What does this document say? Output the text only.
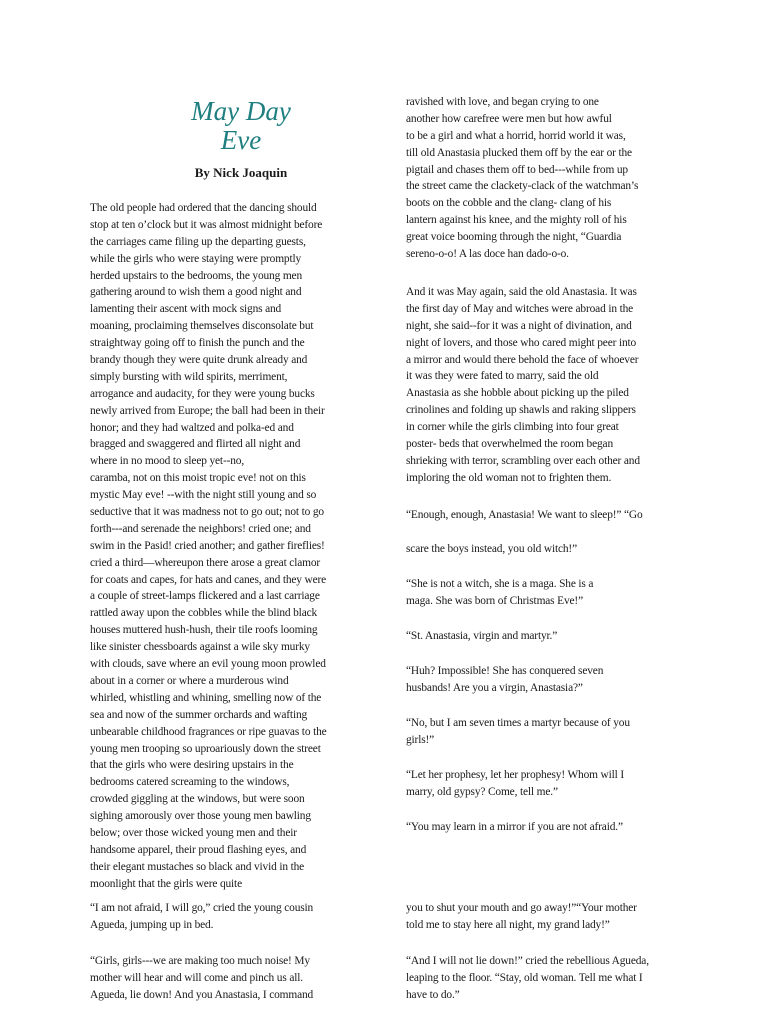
May Day
Eve
By Nick Joaquin
The old people had ordered that the dancing should
stop at ten o’clock but it was almost midnight before
the carriages came filing up the departing guests,
while the girls who were staying were promptly
herded upstairs to the bedrooms, the young men
gathering around to wish them a good night and
lamenting their ascent with mock signs and
moaning, proclaiming themselves disconsolate but
straightway going off to finish the punch and the
brandy though they were quite drunk already and
simply bursting with wild spirits, merriment,
arrogance and audacity, for they were young bucks
newly arrived from Europe; the ball had been in their
honor; and they had waltzed and polka-ed and
bragged and swaggered and flirted all night and
where in no mood to sleep yet--no,
caramba, not on this moist tropic eve! not on this
mystic May eve! --with the night still young and so
seductive that it was madness not to go out; not to go
forth---and serenade the neighbors! cried one; and
swim in the Pasid! cried another; and gather fireflies!
cried a third—whereupon there arose a great clamor
for coats and capes, for hats and canes, and they were
a couple of street-lamps flickered and a last carriage
rattled away upon the cobbles while the blind black
houses muttered hush-hush, their tile roofs looming
like sinister chessboards against a wile sky murky
with clouds, save where an evil young moon prowled
about in a corner or where a murderous wind
whirled, whistling and whining, smelling now of the
sea and now of the summer orchards and wafting
unbearable childhood fragrances or ripe guavas to the
young men trooping so uproariously down the street
that the girls who were desiring upstairs in the
bedrooms catered screaming to the windows,
crowded giggling at the windows, but were soon
sighing amorously over those young men bawling
below; over those wicked young men and their
handsome apparel, their proud flashing eyes, and
their elegant mustaches so black and vivid in the
moonlight that the girls were quite
“I am not afraid, I will go,” cried the young cousin
Agueda, jumping up in bed.
“Girls, girls---we are making too much noise! My
mother will hear and will come and pinch us all.
Agueda, lie down! And you Anastasia, I command
ravished with love, and began crying to one
another how carefree were men but how awful
to be a girl and what a horrid, horrid world it was,
till old Anastasia plucked them off by the ear or the
pigtail and chases them off to bed---while from up
the street came the clackety-clack of the watchman’s
boots on the cobble and the clang- clang of his
lantern against his knee, and the mighty roll of his
great voice booming through the night, “Guardia
sereno-o-o! A las doce han dado-o-o.
And it was May again, said the old Anastasia. It was
the first day of May and witches were abroad in the
night, she said--for it was a night of divination, and
night of lovers, and those who cared might peer into
a mirror and would there behold the face of whoever
it was they were fated to marry, said the old
Anastasia as she hobble about picking up the piled
crinolines and folding up shawls and raking slippers
in corner while the girls climbing into four great
poster- beds that overwhelmed the room began
shrieking with terror, scrambling over each other and
imploring the old woman not to frighten them.
“Enough, enough, Anastasia! We want to sleep!” “Go
scare the boys instead, you old witch!”
“She is not a witch, she is a maga. She is a
maga. She was born of Christmas Eve!”
“St. Anastasia, virgin and martyr.”
“Huh? Impossible! She has conquered seven
husbands! Are you a virgin, Anastasia?”
“No, but I am seven times a martyr because of you
girls!”
“Let her prophesy, let her prophesy! Whom will I
marry, old gypsy? Come, tell me.”
“You may learn in a mirror if you are not afraid.”
you to shut your mouth and go away!”“Your mother
told me to stay here all night, my grand lady!”
“And I will not lie down!” cried the rebellious Agueda,
leaping to the floor. “Stay, old woman. Tell me what I
have to do.”
